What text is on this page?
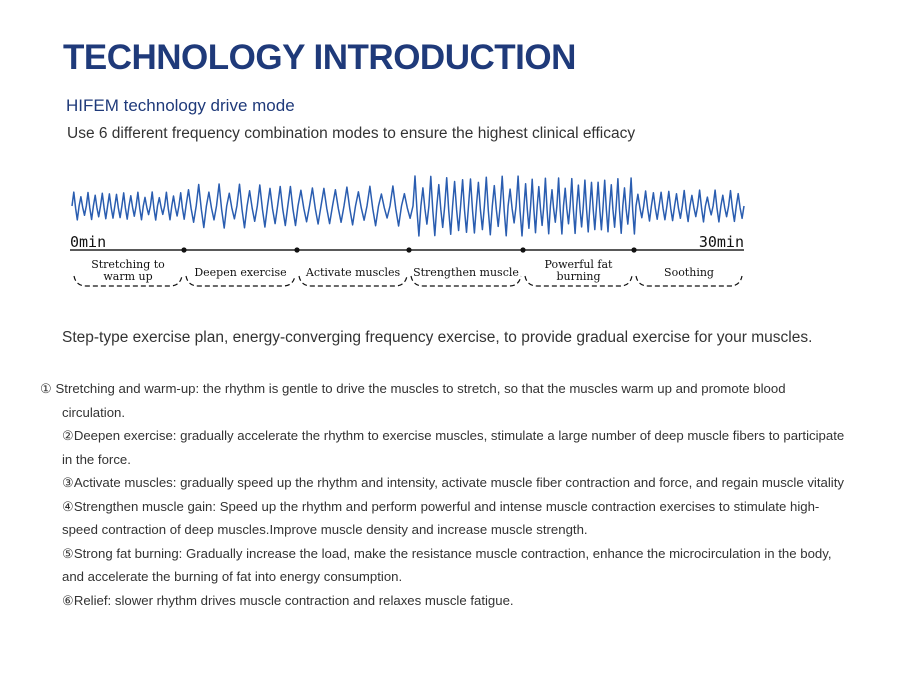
TECHNOLOGY INTRODUCTION
HIFEM technology drive mode
Use 6 different frequency combination modes to ensure the highest clinical efficacy
0min	30min
Stretching to warm up	Deepen exercise Activate muscles Strengthen muscle
Powerful fat burning	Soothing
Step-type exercise plan, energy-converging frequency exercise, to provide gradual exercise for your muscles.
① Stretching and warm-up: the rhythm is gentle to drive the muscles to stretch, so that the muscles warm up and promote blood circulation.
②Deepen exercise: gradually accelerate the rhythm to exercise muscles, stimulate a large number of deep muscle fibers to participate in the force.
③Activate muscles: gradually speed up the rhythm and intensity, activate muscle fiber contraction and force, and regain muscle vitality
④Strengthen muscle gain: Speed up the rhythm and perform powerful and intense muscle contraction exercises to stimulate high-speed contraction of deep muscles.Improve muscle density and increase muscle strength.
⑤Strong fat burning: Gradually increase the load, make the resistance muscle contraction, enhance the microcirculation in the body, and accelerate the burning of fat into energy consumption.
⑥Relief: slower rhythm drives muscle contraction and relaxes muscle fatigue.
